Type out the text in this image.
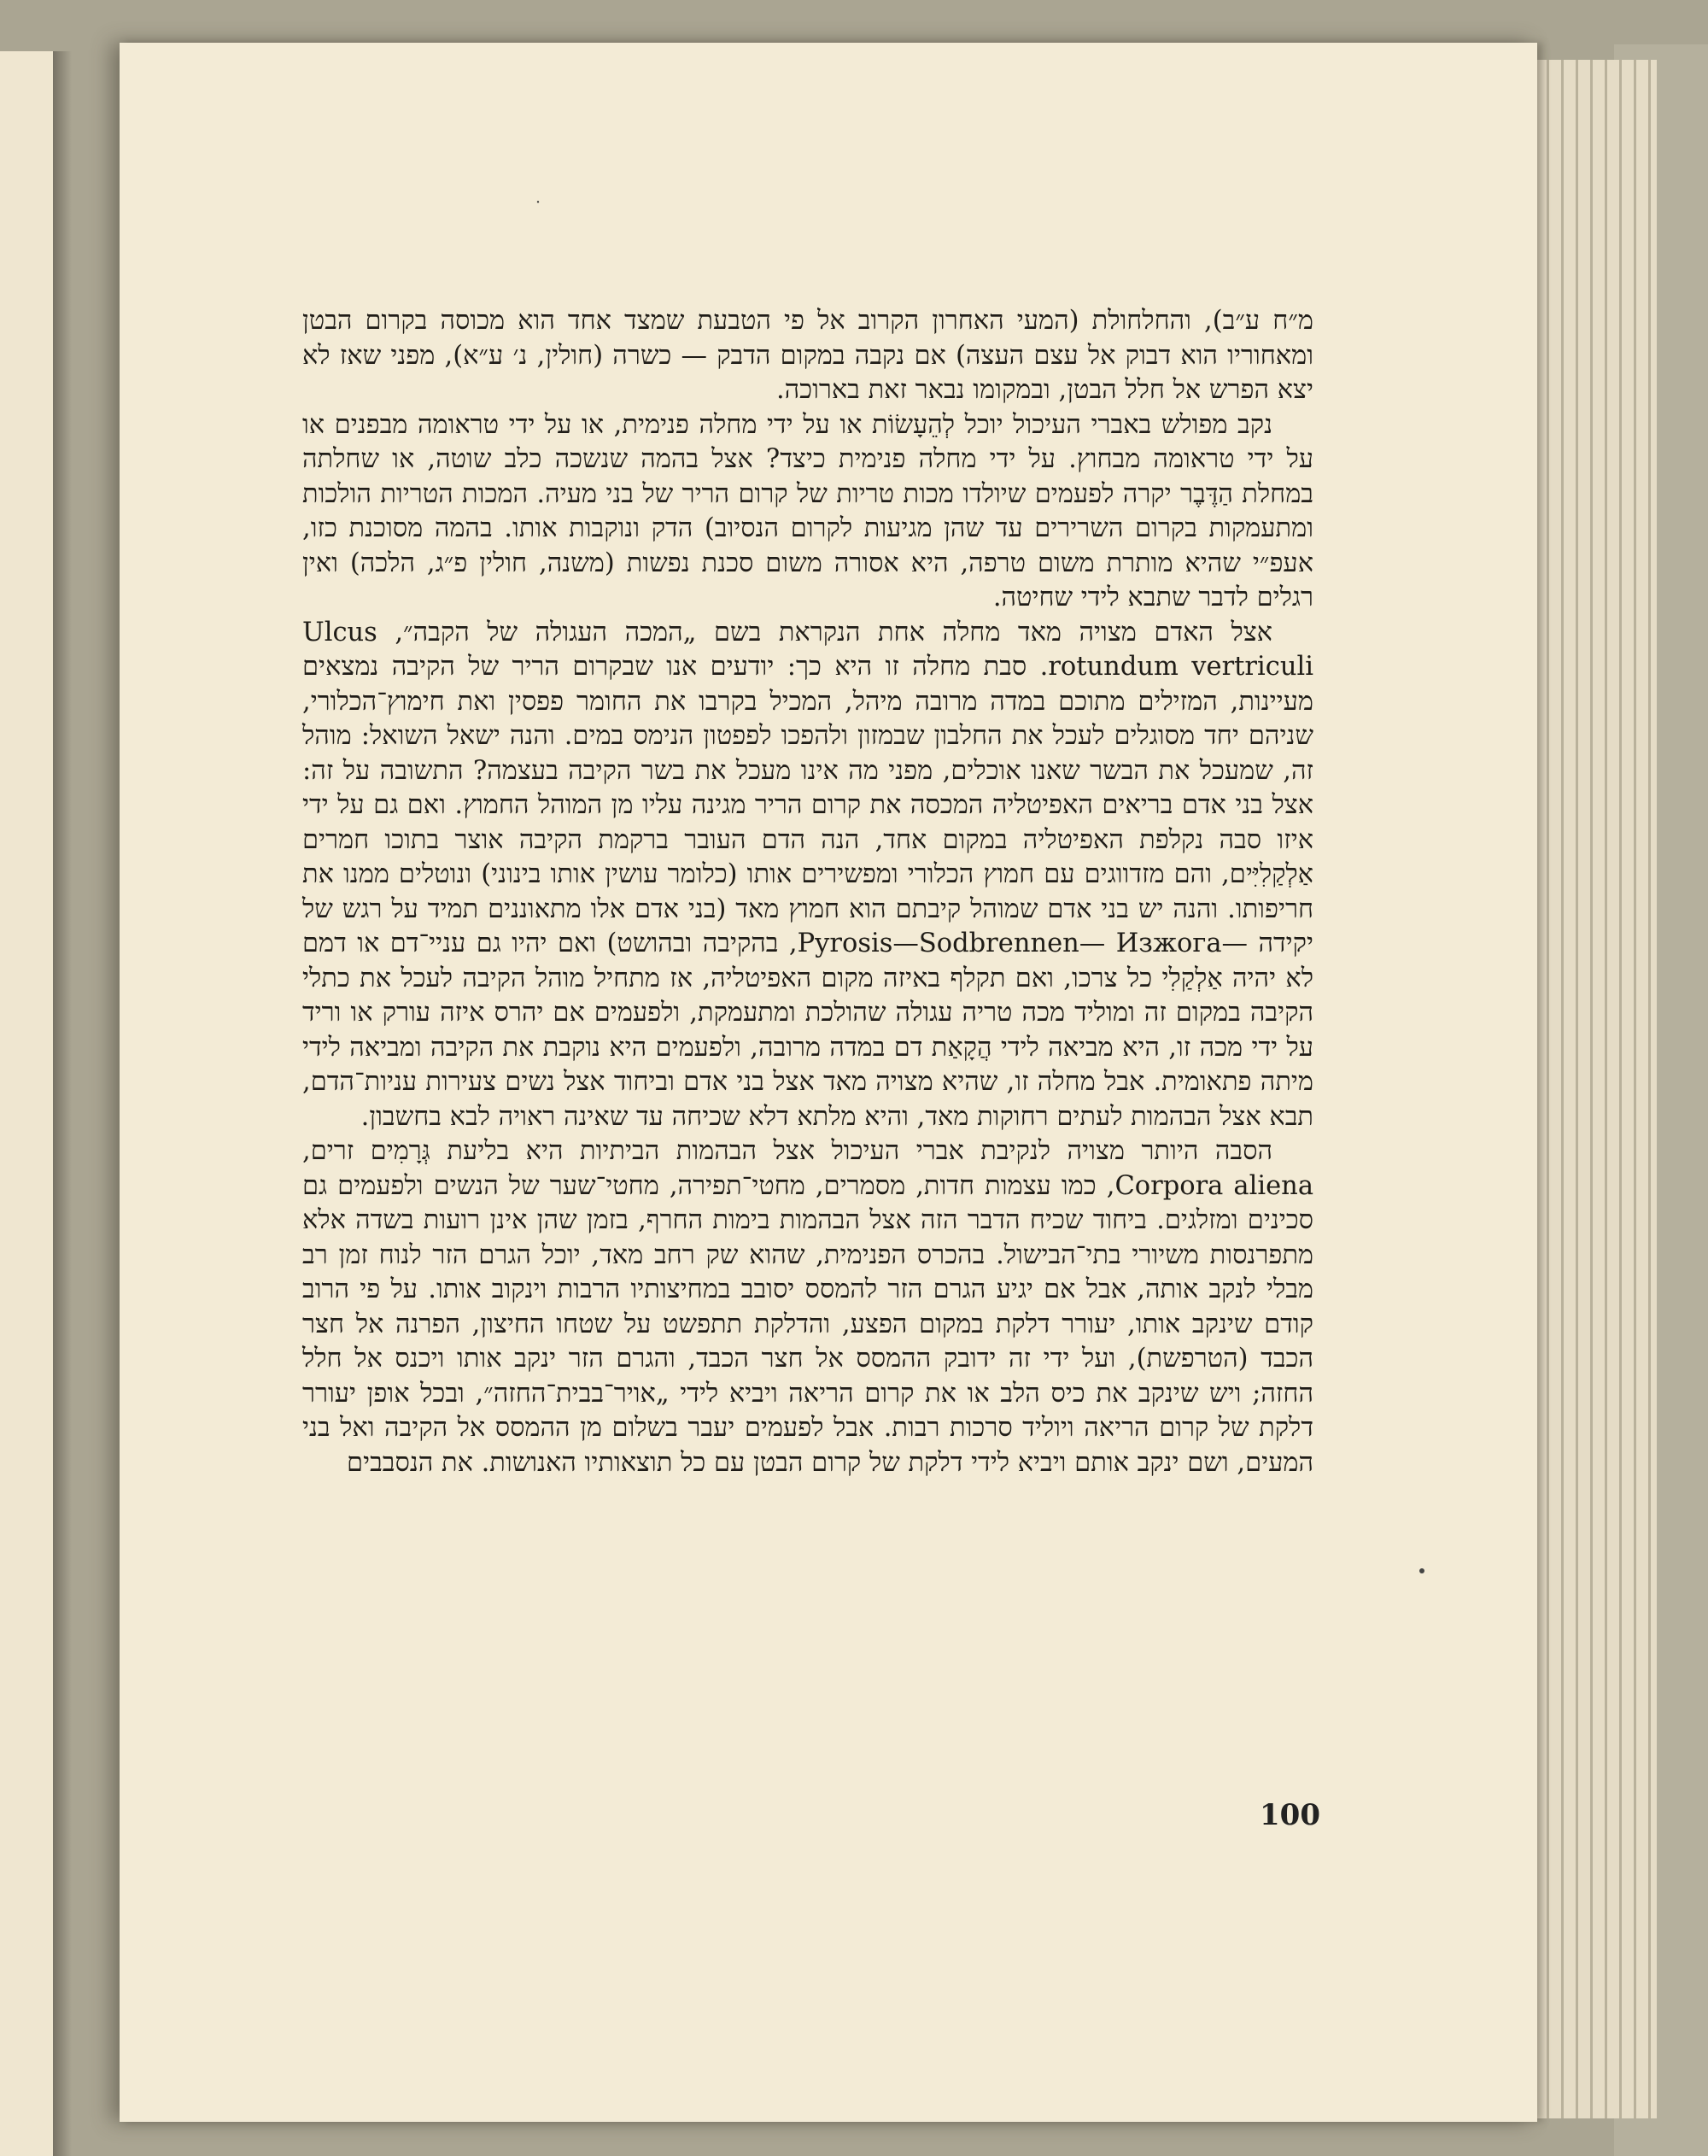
מ״ח ע״ב), והחלחולת (המעי האחרון הקרוב אל פי הטבעת שמצד אחד הוא מכוסה בקרום הבטן ומאחוריו הוא דבוק אל עצם העצה) אם נקבה במקום הדבק — כשרה (חולין, נ׳ ע״א), מפני שאז לא יצא הפרש אל חלל הבטן, ובמקומו נבאר זאת בארוכה.

נקב מפולש באברי העיכול יוכל לְהֵעָשׂוֹת או על ידי מחלה פנימית, או על ידי טראומה מבפנים או על ידי טראומה מבחוץ. על ידי מחלה פנימית כיצד? אצל בהמה שנשכה כלב שוטה, או שחלתה במחלת הַדֶּבֶר יקרה לפעמים שיולדו מכות טריות של קרום הריר של בני מעיה. המכות הטריות הולכות ומתעמקות בקרום השרירים עד שהן מגיעות לקרום הנסיוב) הדק ונוקבות אותו. בהמה מסוכנת כזו, אעפ״י שהיא מותרת משום טרפה, היא אסורה משום סכנת נפשות (משנה, חולין פ״ג, הלכה) ואין רגלים לדבר שתבא לידי שחיטה.

אצל האדם מצויה מאד מחלה אחת הנקראת בשם „המכה העגולה של הקבה״, Ulcus rotundum vertriculi. סבת מחלה זו היא כך: יודעים אנו שבקרום הריר של הקיבה נמצאים מעיינות, המזילים מתוכם במדה מרובה מיהל, המכיל בקרבו את החומר פפסין ואת חימוץ־הכלורי, שניהם יחד מסוגלים לעכל את החלבון שבמזון ולהפכו לפפטון הנימס במים. והנה ישאל השואל: מוהל זה, שמעכל את הבשר שאנו אוכלים, מפני מה אינו מעכל את בשר הקיבה בעצמה? התשובה על זה: אצל בני אדם בריאים האפיטליה המכסה את קרום הריר מגינה עליו מן המוהל החמוץ. ואם גם על ידי איזו סבה נקלפת האפיטליה במקום אחד, הנה הדם העובר ברקמת הקיבה אוצר בתוכו חמרים אַלְקַלִיִּים, והם מזדווגים עם חמוץ הכלורי ומפשירים אותו (כלומר עושין אותו בינוני) ונוטלים ממנו את חריפותו. והנה יש בני אדם שמוהל קיבתם הוא חמוץ מאד (בני אדם אלו מתאוננים תמיד על רגש של יקידה —Pyrosis—Sodbrennen— Изжога, בהקיבה ובהושט) ואם יהיו גם עניי־דם או דמם לא יהיה אַלְקַלִי כל צרכו, ואם תקלף באיזה מקום האפיטליה, אז מתחיל מוהל הקיבה לעכל את כתלי הקיבה במקום זה ומוליד מכה טריה עגולה שהולכת ומתעמקת, ולפעמים אם יהרס איזה עורק או וריד על ידי מכה זו, היא מביאה לידי הֲקָאַת דם במדה מרובה, ולפעמים היא נוקבת את הקיבה ומביאה לידי מיתה פתאומית. אבל מחלה זו, שהיא מצויה מאד אצל בני אדם וביחוד אצל נשים צעירות עניות־הדם, תבא אצל הבהמות לעתים רחוקות מאד, והיא מלתא דלא שכיחה עד שאינה ראויה לבא בחשבון.

הסבה היותר מצויה לנקיבת אברי העיכול אצל הבהמות הביתיות היא בליעת גְּרָמִים זרים, Corpora aliena, כמו עצמות חדות, מסמרים, מחטי־תפירה, מחטי־שער של הנשים ולפעמים גם סכינים ומזלגים. ביחוד שכיח הדבר הזה אצל הבהמות בימות החרף, בזמן שהן אינן רועות בשדה אלא מתפרנסות משיורי בתי־הבישול. בהכרס הפנימית, שהוא שק רחב מאד, יוכל הגרם הזר לנוח זמן רב מבלי לנקב אותה, אבל אם יגיע הגרם הזר להמסס יסובב במחיצותיו הרבות וינקוב אותו. על פי הרוב קודם שינקב אותו, יעורר דלקת במקום הפצע, והדלקת תתפשט על שטחו החיצון, הפרנה אל חצר הכבד (הטרפשת), ועל ידי זה ידובק ההמסס אל חצר הכבד, והגרם הזר ינקב אותו ויכנס אל חלל החזה; ויש שינקב את כיס הלב או את קרום הריאה ויביא לידי „אויר־בבית־החזה״, ובכל אופן יעורר דלקת של קרום הריאה ויוליד סרכות רבות. אבל לפעמים יעבר בשלום מן ההמסס אל הקיבה ואל בני המעים, ושם ינקב אותם ויביא לידי דלקת של קרום הבטן עם כל תוצאותיו האנושות. את הנסבבים

100
